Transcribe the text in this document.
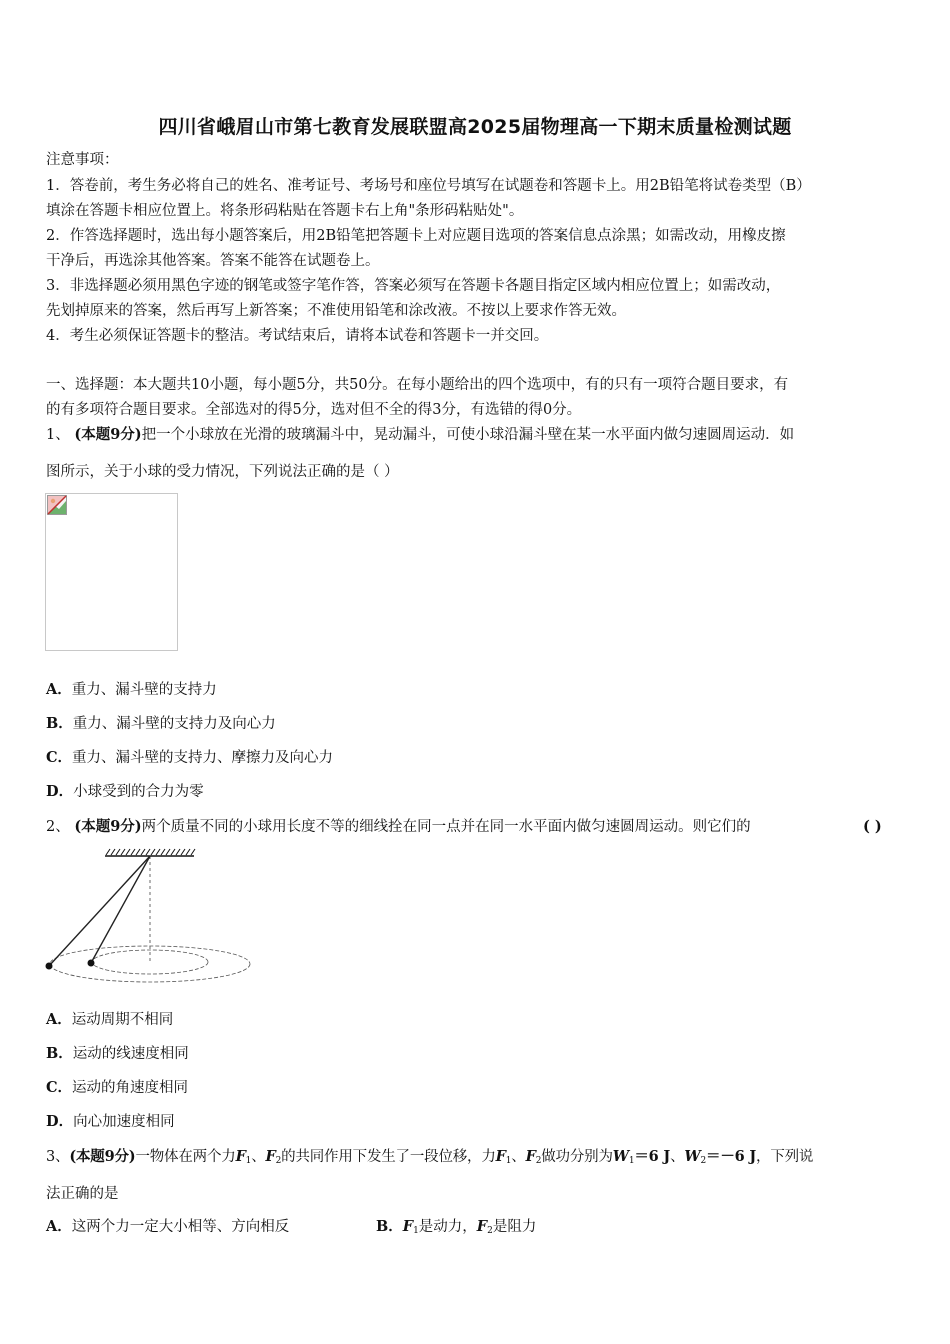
四川省峨眉山市第七教育发展联盟高2025届物理高一下期末质量检测试题
注意事项：
1．答卷前，考生务必将自己的姓名、准考证号、考场号和座位号填写在试题卷和答题卡上。用2B铅笔将试卷类型（B）
填涂在答题卡相应位置上。将条形码粘贴在答题卡右上角"条形码粘贴处"。
2．作答选择题时，选出每小题答案后，用2B铅笔把答题卡上对应题目选项的答案信息点涂黑；如需改动，用橡皮擦
干净后，再选涂其他答案。答案不能答在试题卷上。
3．非选择题必须用黑色字迹的钢笔或签字笔作答，答案必须写在答题卡各题目指定区域内相应位置上；如需改动，
先划掉原来的答案，然后再写上新答案；不准使用铅笔和涂改液。不按以上要求作答无效。
4．考生必须保证答题卡的整洁。考试结束后，请将本试卷和答题卡一并交回。
一、选择题：本大题共10小题，每小题5分，共50分。在每小题给出的四个选项中，有的只有一项符合题目要求，有
的有多项符合题目要求。全部选对的得5分，选对但不全的得3分，有选错的得0分。
1、 (本题9分)把一个小球放在光滑的玻璃漏斗中，晃动漏斗，可使小球沿漏斗壁在某一水平面内做匀速圆周运动．如
图所示，关于小球的受力情况，下列说法正确的是（ ）
A．重力、漏斗壁的支持力
B．重力、漏斗壁的支持力及向心力
C．重力、漏斗壁的支持力、摩擦力及向心力
D．小球受到的合力为零
2、 (本题9分)两个质量不同的小球用长度不等的细线拴在同一点并在同一水平面内做匀速圆周运动。则它们的	( )
A．运动周期不相同
B．运动的线速度相同
C．运动的角速度相同
D．向心加速度相同
3、(本题9分)一物体在两个力$F_1$、$F_2$的共同作用下发生了一段位移，力$F_1$、$F_2$做功分别为$W_1=6$ J、$W_2=-6$ J，下列说
法正确的是
A．这两个力一定大小相等、方向相反	B．$F_1$是动力，$F_2$是阻力
